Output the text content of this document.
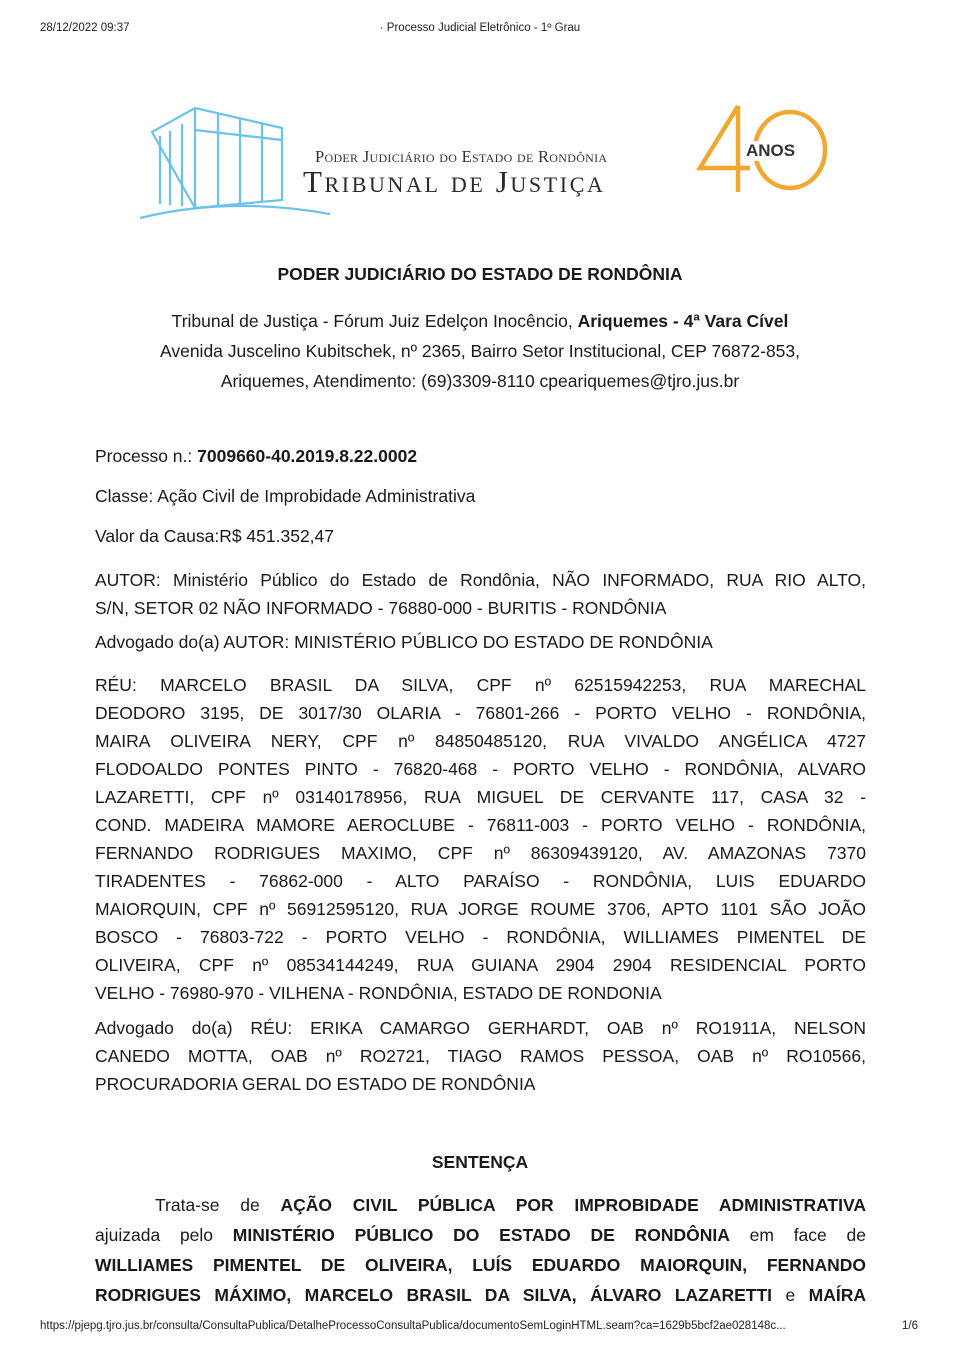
28/12/2022 09:37	· Processo Judicial Eletrônico - 1º Grau
Poder Judiciário do Estado de Rondônia
Tribunal de Justiça
ANOS
PODER JUDICIÁRIO DO ESTADO DE RONDÔNIA

Tribunal de Justiça - Fórum Juiz Edelçon Inocêncio, Ariquemes - 4ª Vara Cível

Avenida Juscelino Kubitschek, nº 2365, Bairro Setor Institucional, CEP 76872-853,

Ariquemes, Atendimento: (69)3309-8110 cpeariquemes@tjro.jus.br

Processo n.: 7009660-40.2019.8.22.0002
Classe: Ação Civil de Improbidade Administrativa
Valor da Causa:R$ 451.352,47
AUTOR: Ministério Público do Estado de Rondônia, NÃO INFORMADO, RUA RIO ALTO,
S/N, SETOR 02 NÃO INFORMADO - 76880-000 - BURITIS - RONDÔNIA
Advogado do(a) AUTOR: MINISTÉRIO PÚBLICO DO ESTADO DE RONDÔNIA
RÉU: MARCELO BRASIL DA SILVA, CPF nº 62515942253, RUA MARECHAL
DEODORO 3195, DE 3017/30 OLARIA - 76801-266 - PORTO VELHO - RONDÔNIA,
MAIRA OLIVEIRA NERY, CPF nº 84850485120, RUA VIVALDO ANGÉLICA 4727
FLODOALDO PONTES PINTO - 76820-468 - PORTO VELHO - RONDÔNIA, ALVARO
LAZARETTI, CPF nº 03140178956, RUA MIGUEL DE CERVANTE 117, CASA 32 -
COND. MADEIRA MAMORE AEROCLUBE - 76811-003 - PORTO VELHO - RONDÔNIA,
FERNANDO RODRIGUES MAXIMO, CPF nº 86309439120, AV. AMAZONAS 7370
TIRADENTES - 76862-000 - ALTO PARAÍSO - RONDÔNIA, LUIS EDUARDO
MAIORQUIN, CPF nº 56912595120, RUA JORGE ROUME 3706, APTO 1101 SÃO JOÃO
BOSCO - 76803-722 - PORTO VELHO - RONDÔNIA, WILLIAMES PIMENTEL DE
OLIVEIRA, CPF nº 08534144249, RUA GUIANA 2904 2904 RESIDENCIAL PORTO
VELHO - 76980-970 - VILHENA - RONDÔNIA, ESTADO DE RONDONIA
Advogado do(a) RÉU: ERIKA CAMARGO GERHARDT, OAB nº RO1911A, NELSON
CANEDO MOTTA, OAB nº RO2721, TIAGO RAMOS PESSOA, OAB nº RO10566,
PROCURADORIA GERAL DO ESTADO DE RONDÔNIA
SENTENÇA
Trata-se de AÇÃO CIVIL PÚBLICA POR IMPROBIDADE ADMINISTRATIVA
ajuizada pelo MINISTÉRIO PÚBLICO DO ESTADO DE RONDÔNIA em face de
WILLIAMES PIMENTEL DE OLIVEIRA, LUÍS EDUARDO MAIORQUIN, FERNANDO
RODRIGUES MÁXIMO, MARCELO BRASIL DA SILVA, ÁLVARO LAZARETTI e MAÍRA
https://pjepg.tjro.jus.br/consulta/ConsultaPublica/DetalheProcessoConsultaPublica/documentoSemLoginHTML.seam?ca=1629b5bcf2ae028148c...	1/6
